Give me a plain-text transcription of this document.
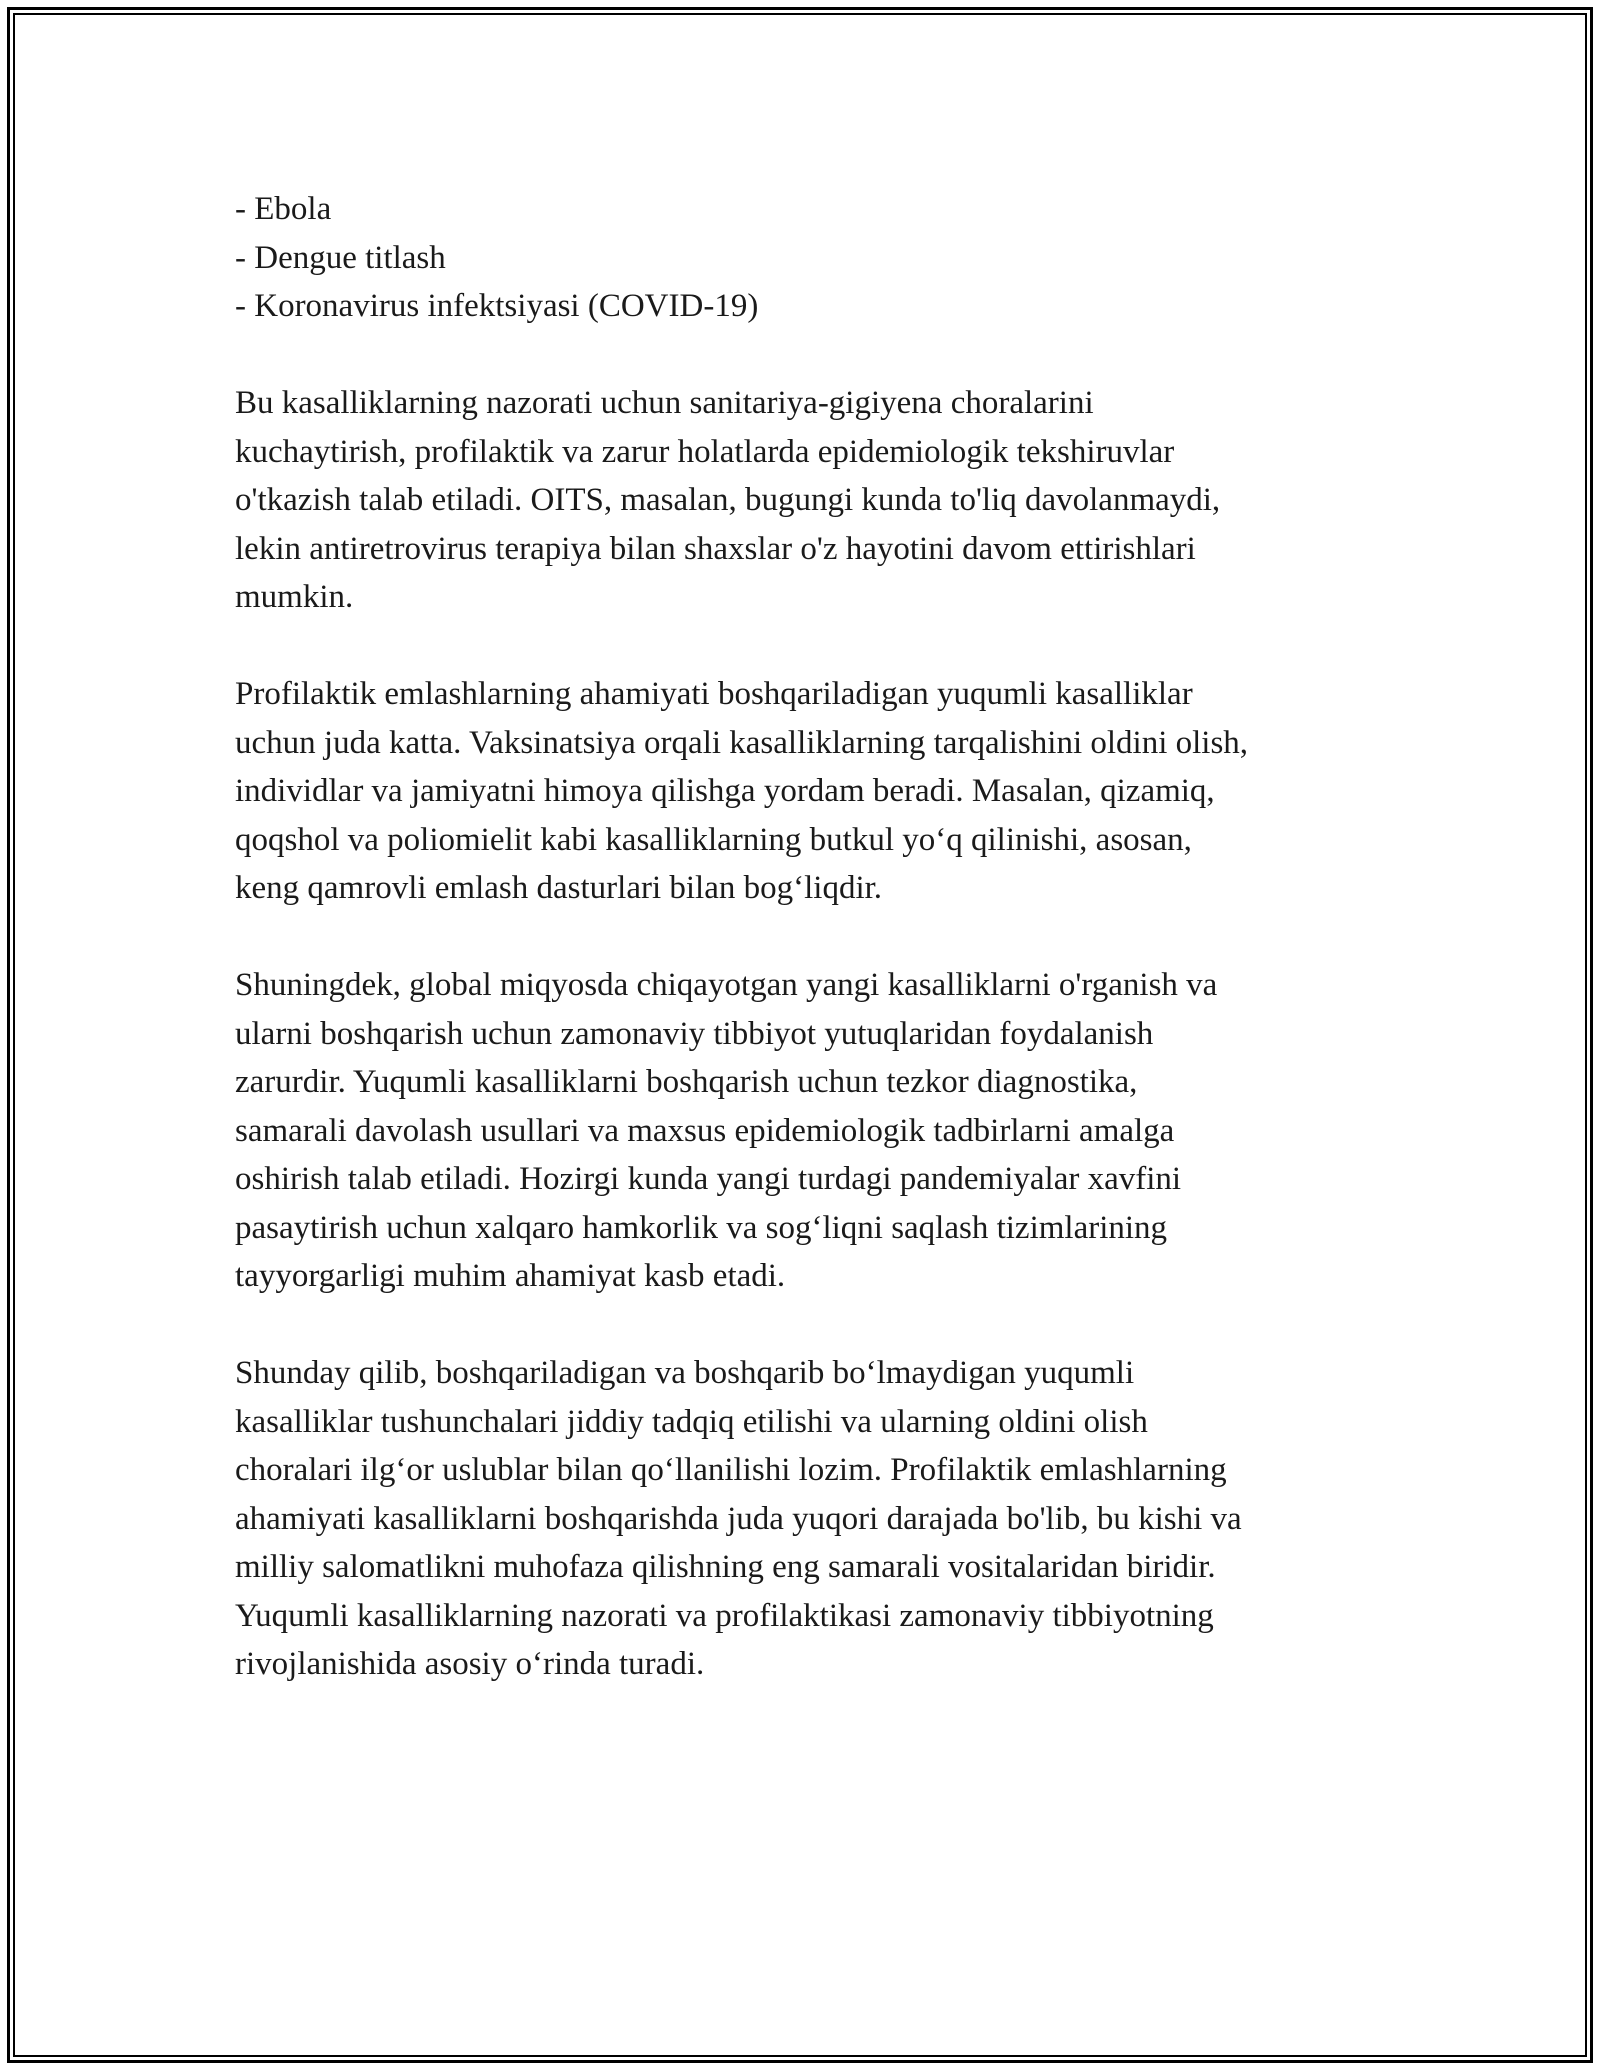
- Ebola

- Dengue titlash

- Koronavirus infektsiyasi (COVID-19)

Bu kasalliklarning nazorati uchun sanitariya-gigiyena choralarini
kuchaytirish, profilaktik va zarur holatlarda epidemiologik tekshiruvlar
o'tkazish talab etiladi. OITS, masalan, bugungi kunda to'liq davolanmaydi,
lekin antiretrovirus terapiya bilan shaxslar o'z hayotini davom ettirishlari
mumkin.

Profilaktik emlashlarning ahamiyati boshqariladigan yuqumli kasalliklar
uchun juda katta. Vaksinatsiya orqali kasalliklarning tarqalishini oldini olish,
individlar va jamiyatni himoya qilishga yordam beradi. Masalan, qizamiq,
qoqshol va poliomielit kabi kasalliklarning butkul yo‘q qilinishi, asosan,
keng qamrovli emlash dasturlari bilan bog‘liqdir.

Shuningdek, global miqyosda chiqayotgan yangi kasalliklarni o'rganish va
ularni boshqarish uchun zamonaviy tibbiyot yutuqlaridan foydalanish
zarurdir. Yuqumli kasalliklarni boshqarish uchun tezkor diagnostika,
samarali davolash usullari va maxsus epidemiologik tadbirlarni amalga
oshirish talab etiladi. Hozirgi kunda yangi turdagi pandemiyalar xavfini
pasaytirish uchun xalqaro hamkorlik va sog‘liqni saqlash tizimlarining
tayyorgarligi muhim ahamiyat kasb etadi.

Shunday qilib, boshqariladigan va boshqarib bo‘lmaydigan yuqumli
kasalliklar tushunchalari jiddiy tadqiq etilishi va ularning oldini olish
choralari ilg‘or uslublar bilan qo‘llanilishi lozim. Profilaktik emlashlarning
ahamiyati kasalliklarni boshqarishda juda yuqori darajada bo'lib, bu kishi va
milliy salomatlikni muhofaza qilishning eng samarali vositalaridan biridir.
Yuqumli kasalliklarning nazorati va profilaktikasi zamonaviy tibbiyotning
rivojlanishida asosiy o‘rinda turadi.
